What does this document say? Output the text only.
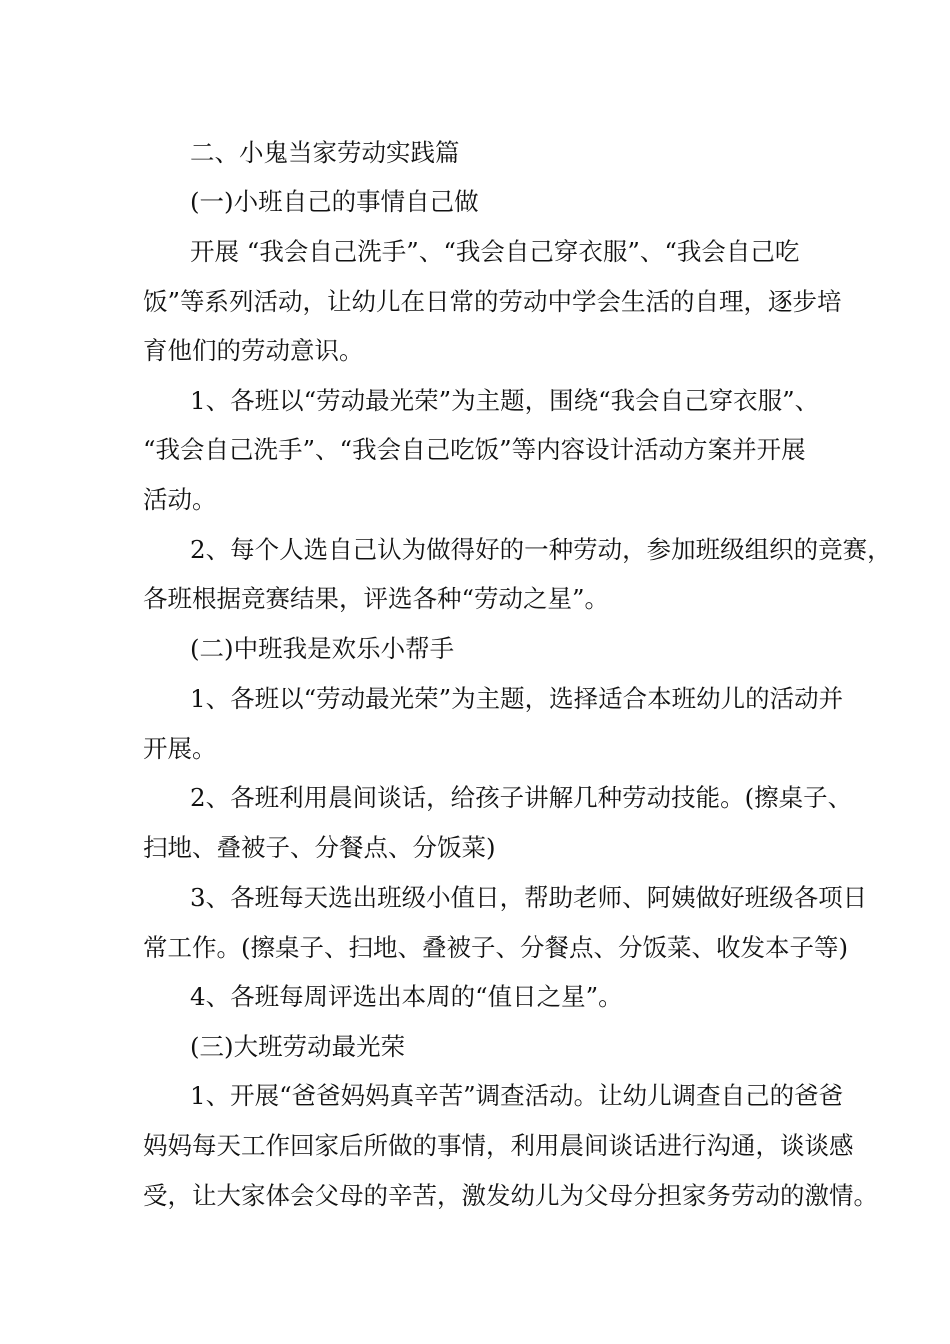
二、小鬼当家劳动实践篇
(一)小班自己的事情自己做
开展 “我会自己洗手”、“我会自己穿衣服”、“我会自己吃
饭”等系列活动，让幼儿在日常的劳动中学会生活的自理，逐步培
育他们的劳动意识。
1、各班以“劳动最光荣”为主题，围绕“我会自己穿衣服”、
“我会自己洗手”、“我会自己吃饭”等内容设计活动方案并开展
活动。
2、每个人选自己认为做得好的一种劳动，参加班级组织的竞赛，
各班根据竞赛结果，评选各种“劳动之星”。
(二)中班我是欢乐小帮手
1、各班以“劳动最光荣”为主题，选择适合本班幼儿的活动并
开展。
2、各班利用晨间谈话，给孩子讲解几种劳动技能。(擦桌子、
扫地、叠被子、分餐点、分饭菜)
3、各班每天选出班级小值日，帮助老师、阿姨做好班级各项日
常工作。(擦桌子、扫地、叠被子、分餐点、分饭菜、收发本子等)
4、各班每周评选出本周的“值日之星”。
(三)大班劳动最光荣
1、开展“爸爸妈妈真辛苦”调查活动。让幼儿调查自己的爸爸
妈妈每天工作回家后所做的事情，利用晨间谈话进行沟通，谈谈感
受，让大家体会父母的辛苦，激发幼儿为父母分担家务劳动的激情。
